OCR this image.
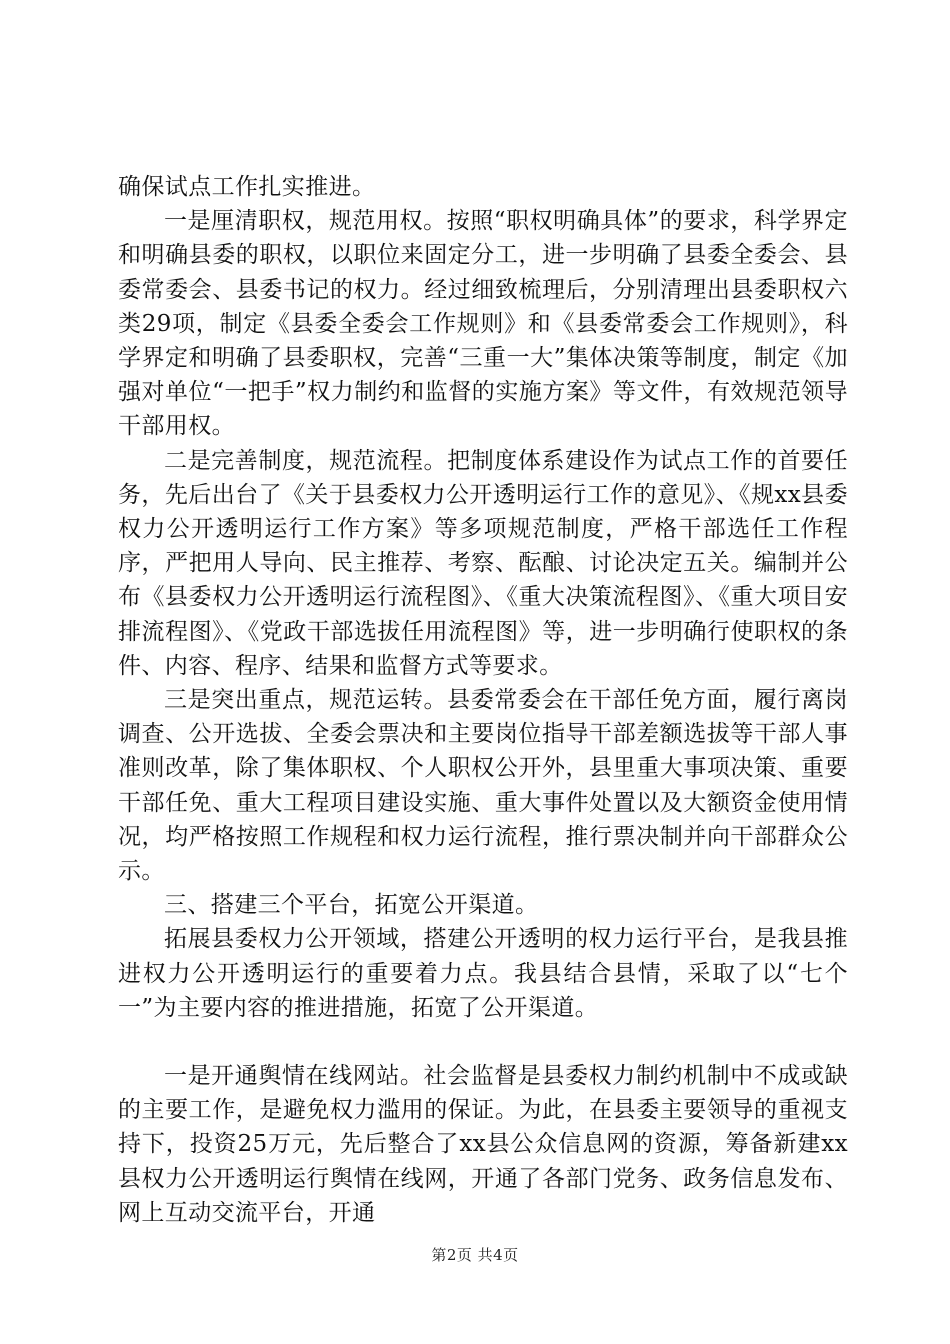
确保试点工作扎实推进。

一是厘清职权，规范用权。按照“职权明确具体”的要求，科学界定和明确县委的职权，以职位来固定分工，进一步明确了县委全委会、县委常委会、县委书记的权力。经过细致梳理后，分别清理出县委职权六类29项，制定《县委全委会工作规则》和《县委常委会工作规则》，科学界定和明确了县委职权，完善“三重一大”集体决策等制度，制定《加强对单位“一把手”权力制约和监督的实施方案》等文件，有效规范领导干部用权。

二是完善制度，规范流程。把制度体系建设作为试点工作的首要任务，先后出台了《关于县委权力公开透明运行工作的意见》、《规xx县委权力公开透明运行工作方案》等多项规范制度，严格干部选任工作程序，严把用人导向、民主推荐、考察、酝酿、讨论决定五关。编制并公布《县委权力公开透明运行流程图》、《重大决策流程图》、《重大项目安排流程图》、《党政干部选拔任用流程图》等，进一步明确行使职权的条件、内容、程序、结果和监督方式等要求。

三是突出重点，规范运转。县委常委会在干部任免方面，履行离岗调查、公开选拔、全委会票决和主要岗位指导干部差额选拔等干部人事准则改革，除了集体职权、个人职权公开外，县里重大事项决策、重要干部任免、重大工程项目建设实施、重大事件处置以及大额资金使用情况，均严格按照工作规程和权力运行流程，推行票决制并向干部群众公示。

三、搭建三个平台，拓宽公开渠道。

拓展县委权力公开领域，搭建公开透明的权力运行平台，是我县推进权力公开透明运行的重要着力点。我县结合县情，采取了以“七个一”为主要内容的推进措施，拓宽了公开渠道。

一是开通舆情在线网站。社会监督是县委权力制约机制中不成或缺的主要工作，是避免权力滥用的保证。为此，在县委主要领导的重视支持下，投资25万元，先后整合了xx县公众信息网的资源，筹备新建xx县权力公开透明运行舆情在线网，开通了各部门党务、政务信息发布、网上互动交流平台，开通

第2页 共4页
